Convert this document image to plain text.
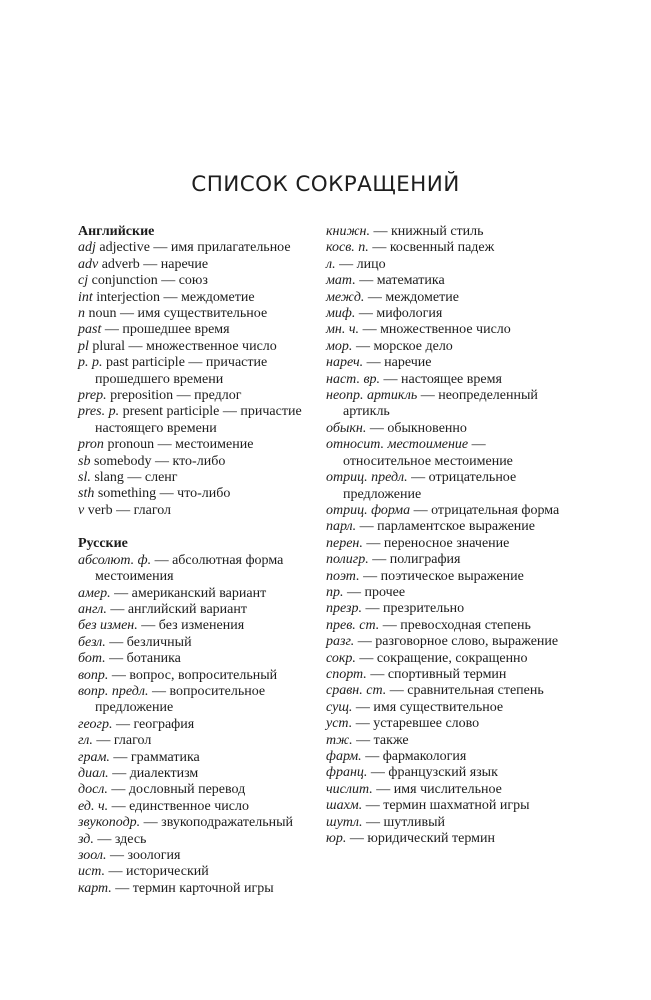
СПИСОК СОКРАЩЕНИЙ

Английские

adj adjective — имя прилагательное

adv adverb — наречие

cj conjunction — союз

int interjection — междометие

n noun — имя существительное

past — прошедшее время

pl plural — множественное число

p. p. past participle — причастие прошедшего времени

prep. preposition — предлог

pres. p. present participle — причастие настоящего времени

pron pronoun — местоимение

sb somebody — кто-либо

sl. slang — сленг

sth something — что-либо

v verb — глагол

Русские

абсолют. ф. — абсолютная форма местоимения

амер. — американский вариант

англ. — английский вариант

без измен. — без изменения

безл. — безличный

бот. — ботаника

вопр. — вопрос, вопросительный

вопр. предл. — вопросительное предложение

геогр. — география

гл. — глагол

грам. — грамматика

диал. — диалектизм

досл. — дословный перевод

ед. ч. — единственное число

звукоподр. — звукоподражательный

зд. — здесь

зоол. — зоология

ист. — исторический

карт. — термин карточной игры

книжн. — книжный стиль

косв. п. — косвенный падеж

л. — лицо

мат. — математика

межд. — междометие

миф. — мифология

мн. ч. — множественное число

мор. — морское дело

нареч. — наречие

наст. вр. — настоящее время

неопр. артикль — неопределенный артикль

обыкн. — обыкновенно

относит. местоимение — относительное местоимение

отриц. предл. — отрицательное предложение

отриц. форма — отрицательная форма

парл. — парламентское выражение

перен. — переносное значение

полигр. — полиграфия

поэт. — поэтическое выражение

пр. — прочее

презр. — презрительно

прев. ст. — превосходная степень

разг. — разговорное слово, выражение

сокр. — сокращение, сокращенно

спорт. — спортивный термин

сравн. ст. — сравнительная степень

сущ. — имя существительное

уст. — устаревшее слово

тж. — также

фарм. — фармакология

франц. — французский язык

числит. — имя числительное

шахм. — термин шахматной игры

шутл. — шутливый

юр. — юридический термин
